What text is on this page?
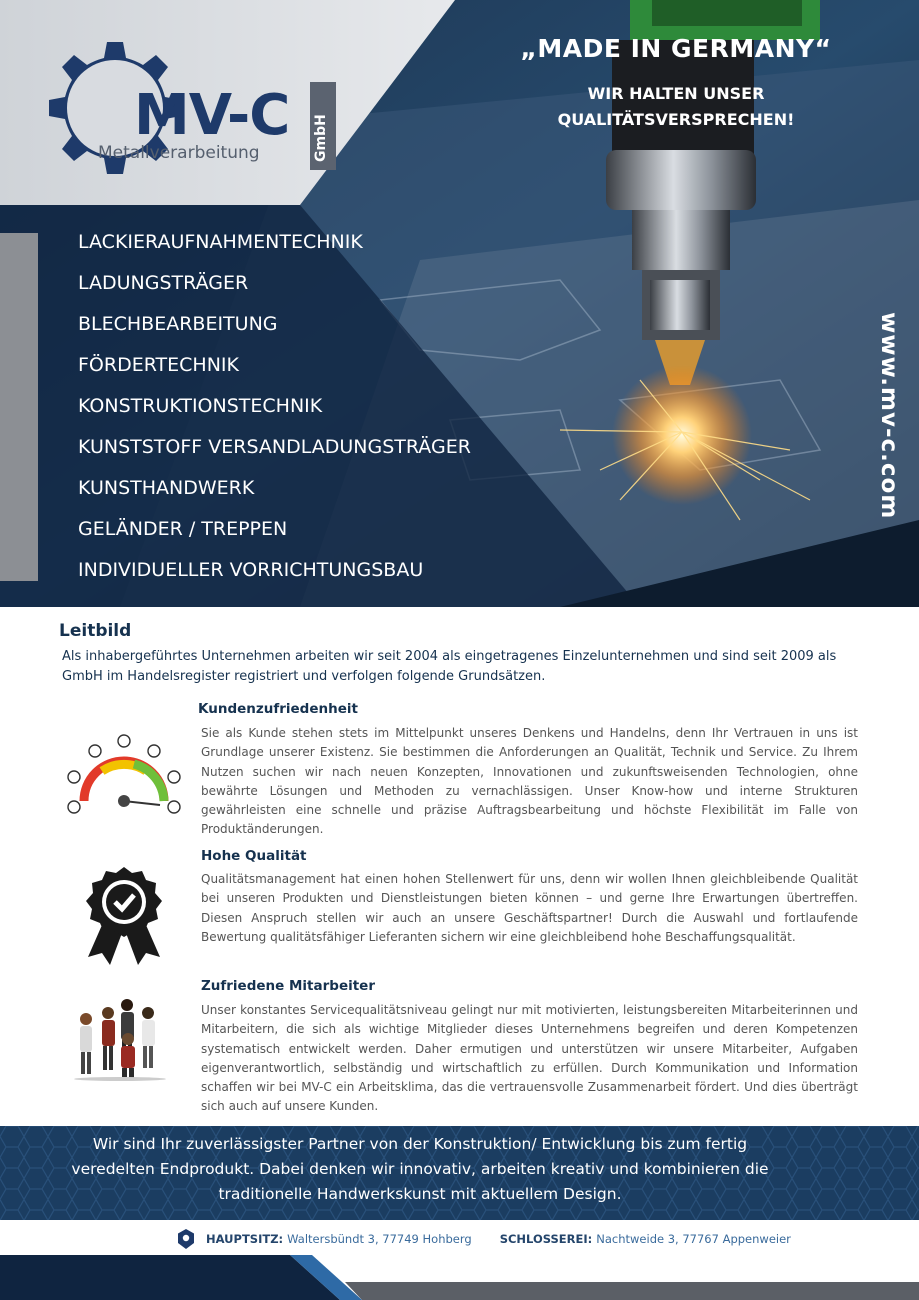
MV-C
Metallverarbeitung	GmbH
„MADE IN GERMANY“
WIR HALTEN UNSER
QUALITÄTSVERSPRECHEN!
LACKIERAUFNAHMENTECHNIK
LADUNGSTRÄGER
BLECHBEARBEITUNG
FÖRDERTECHNIK
KONSTRUKTIONSTECHNIK
KUNSTSTOFF VERSANDLADUNGSTRÄGER
KUNSTHANDWERK
GELÄNDER / TREPPEN
INDIVIDUELLER VORRICHTUNGSBAU
www.mv-c.com
Leitbild
Als inhabergeführtes Unternehmen arbeiten wir seit 2004 als eingetragenes Einzelunternehmen und sind seit 2009 als GmbH im Handelsregister registriert und verfolgen folgende Grundsätzen.
Kundenzufriedenheit
Sie als Kunde stehen stets im Mittelpunkt unseres Denkens und Handelns, denn Ihr Vertrauen in uns ist Grundlage unserer Existenz. Sie bestimmen die Anforderungen an Qualität, Technik und Service. Zu Ihrem Nutzen suchen wir nach neuen Konzepten, Innovationen und zukunftsweisenden Technologien, ohne bewährte Lösungen und Methoden zu vernachlässigen. Unser Know-how und interne Strukturen gewährleisten eine schnelle und präzise Auftragsbearbeitung und höchste Flexibilität im Falle von Produktänderungen.
Hohe Qualität
Qualitätsmanagement hat einen hohen Stellenwert für uns, denn wir wollen Ihnen gleichbleibende Qualität bei unseren Produkten und Dienstleistungen bieten können – und gerne Ihre Erwartungen übertreffen. Diesen Anspruch stellen wir auch an unsere Geschäftspartner! Durch die Auswahl und fortlaufende Bewertung qualitätsfähiger Lieferanten sichern wir eine gleichbleibend hohe Beschaffungsqualität.
Zufriedene Mitarbeiter
Unser konstantes Servicequalitätsniveau gelingt nur mit motivierten, leistungsbereiten Mitarbeiterinnen und Mitarbeitern, die sich als wichtige Mitglieder dieses Unternehmens begreifen und deren Kompetenzen systematisch entwickelt werden. Daher ermutigen und unterstützen wir unsere Mitarbeiter, Aufgaben eigenverantwortlich, selbständig und wirtschaftlich zu erfüllen. Durch Kommunikation und Information schaffen wir bei MV-C ein Arbeitsklima, das die vertrauensvolle Zusammenarbeit fördert. Und dies überträgt sich auch auf unsere Kunden.
Wir sind Ihr zuverlässigster Partner von der Konstruktion/ Entwicklung bis zum fertig
veredelten Endprodukt. Dabei denken wir innovativ, arbeiten kreativ und kombinieren die
traditionelle Handwerkskunst mit aktuellem Design.
HAUPTSITZ: Waltersbündt 3, 77749 Hohberg SCHLOSSEREI: Nachtweide 3, 77767 Appenweier
